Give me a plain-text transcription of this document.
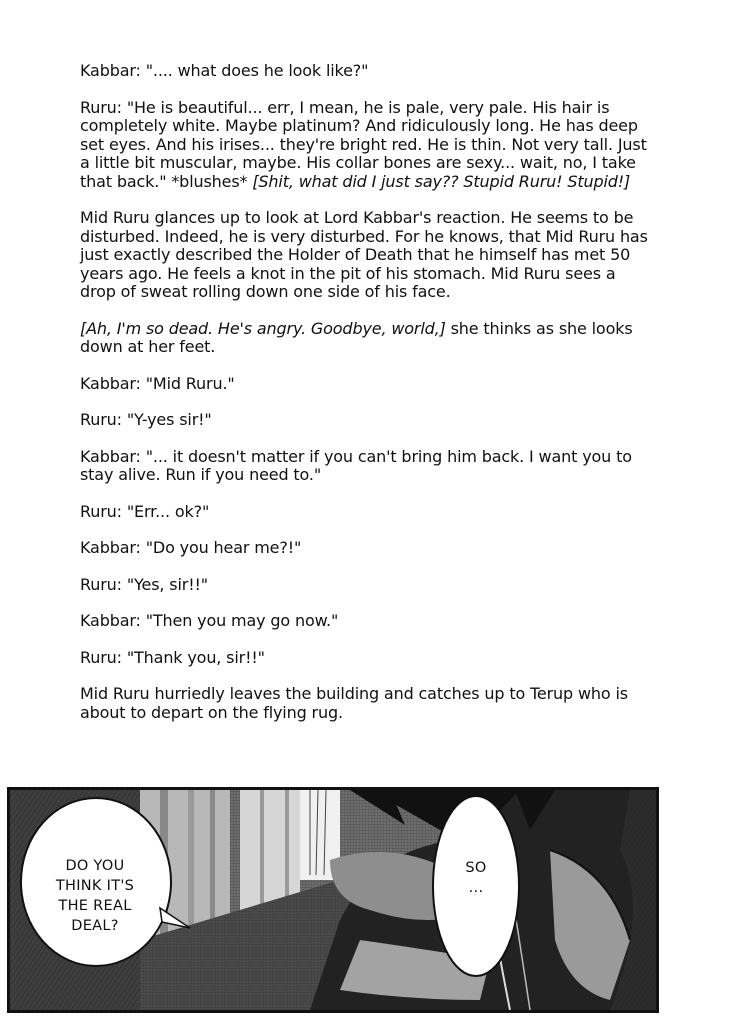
Kabbar: ".... what does he look like?"

Ruru: "He is beautiful... err, I mean, he is pale, very pale. His hair is completely white. Maybe platinum? And ridiculously long. He has deep set eyes. And his irises... they're bright red. He is thin. Not very tall. Just a little bit muscular, maybe. His collar bones are sexy... wait, no, I take that back." *blushes* [Shit, what did I just say?? Stupid Ruru! Stupid!]

Mid Ruru glances up to look at Lord Kabbar's reaction. He seems to be disturbed. Indeed, he is very disturbed. For he knows, that Mid Ruru has just exactly described the Holder of Death that he himself has met 50 years ago. He feels a knot in the pit of his stomach. Mid Ruru sees a drop of sweat rolling down one side of his face.

[Ah, I'm so dead. He's angry. Goodbye, world,] she thinks as she looks down at her feet.

Kabbar: "Mid Ruru."

Ruru: "Y-yes sir!"

Kabbar: "... it doesn't matter if you can't bring him back. I want you to stay alive. Run if you need to."

Ruru: "Err... ok?"

Kabbar: "Do you hear me?!"

Ruru: "Yes, sir!!"

Kabbar: "Then you may go now."

Ruru: "Thank you, sir!!"

Mid Ruru hurriedly leaves the building and catches up to Terup who is about to depart on the flying rug.

DO YOU
THINK IT'S
THE REAL
DEAL?
SO
...
